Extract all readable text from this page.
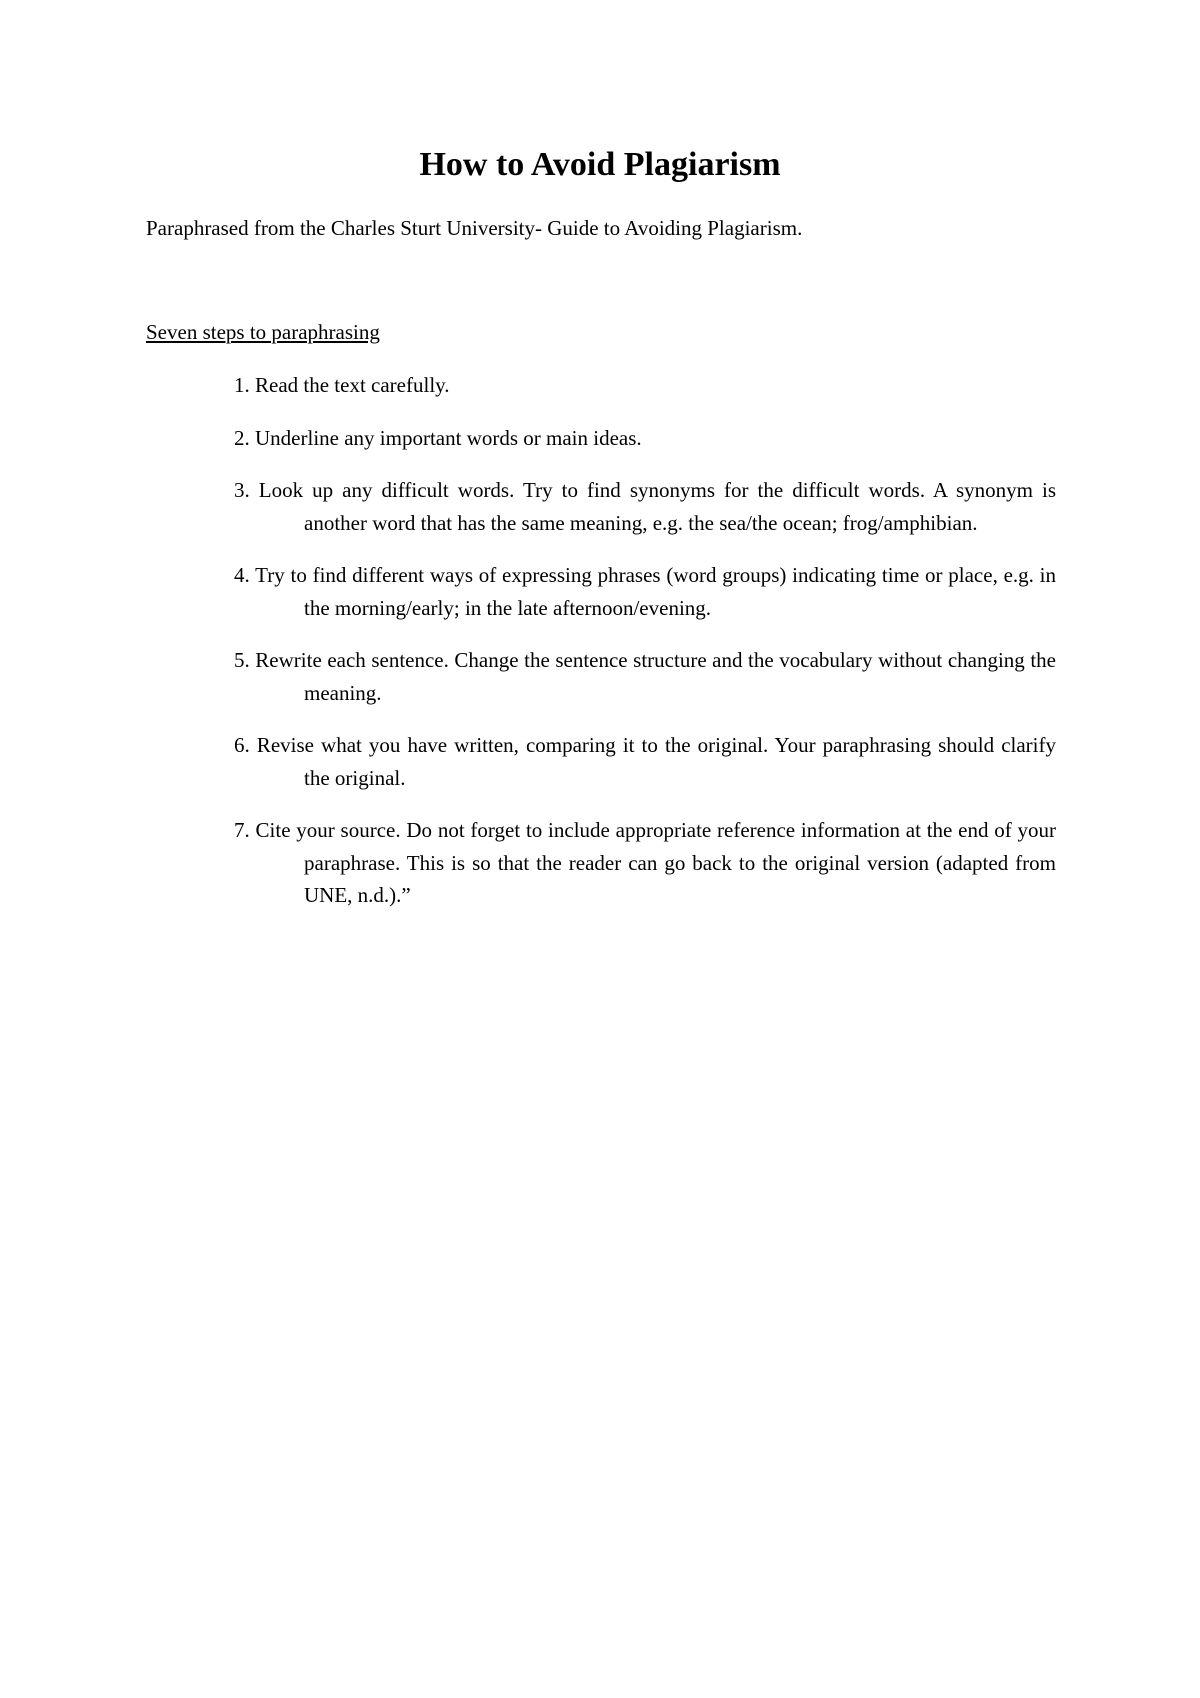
How to Avoid Plagiarism
Paraphrased from the Charles Sturt University- Guide to Avoiding Plagiarism.
Seven steps to paraphrasing
1. Read the text carefully.
2. Underline any important words or main ideas.
3. Look up any difficult words. Try to find synonyms for the difficult words. A synonym is another word that has the same meaning, e.g. the sea/the ocean; frog/amphibian.
4. Try to find different ways of expressing phrases (word groups) indicating time or place, e.g. in the morning/early; in the late afternoon/evening.
5. Rewrite each sentence. Change the sentence structure and the vocabulary without changing the meaning.
6. Revise what you have written, comparing it to the original. Your paraphrasing should clarify the original.
7. Cite your source. Do not forget to include appropriate reference information at the end of your paraphrase. This is so that the reader can go back to the original version (adapted from UNE, n.d.).”
